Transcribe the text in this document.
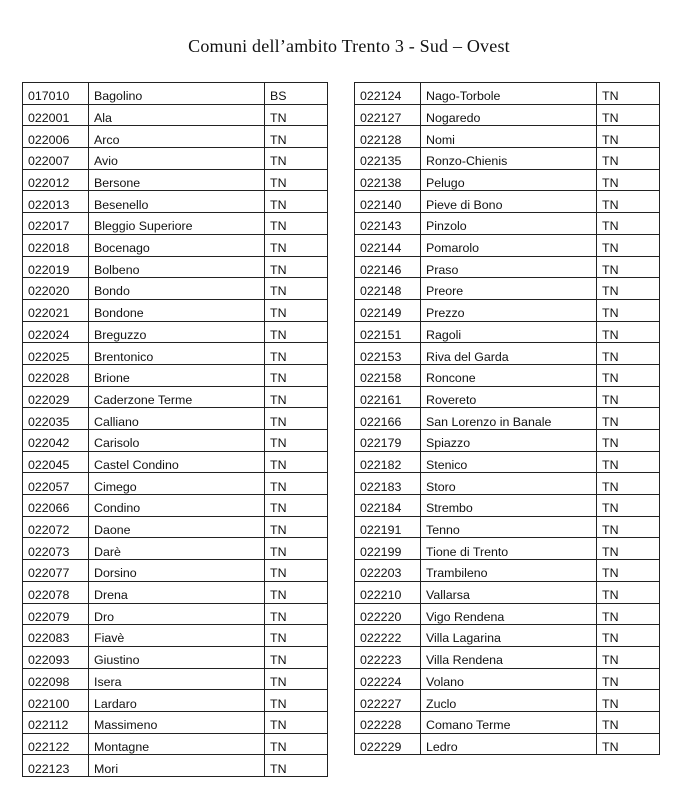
Comuni dell’ambito Trento 3 - Sud – Ovest
017010	Bagolino	BS
022001	Ala	TN
022006	Arco	TN
022007	Avio	TN
022012	Bersone	TN
022013	Besenello	TN
022017	Bleggio Superiore	TN
022018	Bocenago	TN
022019	Bolbeno	TN
022020	Bondo	TN
022021	Bondone	TN
022024	Breguzzo	TN
022025	Brentonico	TN
022028	Brione	TN
022029	Caderzone Terme	TN
022035	Calliano	TN
022042	Carisolo	TN
022045	Castel Condino	TN
022057	Cimego	TN
022066	Condino	TN
022072	Daone	TN
022073	Darè	TN
022077	Dorsino	TN
022078	Drena	TN
022079	Dro	TN
022083	Fiavè	TN
022093	Giustino	TN
022098	Isera	TN
022100	Lardaro	TN
022112	Massimeno	TN
022122	Montagne	TN
022123	Mori	TN
022124	Nago-Torbole	TN
022127	Nogaredo	TN
022128	Nomi	TN
022135	Ronzo-Chienis	TN
022138	Pelugo	TN
022140	Pieve di Bono	TN
022143	Pinzolo	TN
022144	Pomarolo	TN
022146	Praso	TN
022148	Preore	TN
022149	Prezzo	TN
022151	Ragoli	TN
022153	Riva del Garda	TN
022158	Roncone	TN
022161	Rovereto	TN
022166	San Lorenzo in Banale	TN
022179	Spiazzo	TN
022182	Stenico	TN
022183	Storo	TN
022184	Strembo	TN
022191	Tenno	TN
022199	Tione di Trento	TN
022203	Trambileno	TN
022210	Vallarsa	TN
022220	Vigo Rendena	TN
022222	Villa Lagarina	TN
022223	Villa Rendena	TN
022224	Volano	TN
022227	Zuclo	TN
022228	Comano Terme	TN
022229	Ledro	TN
